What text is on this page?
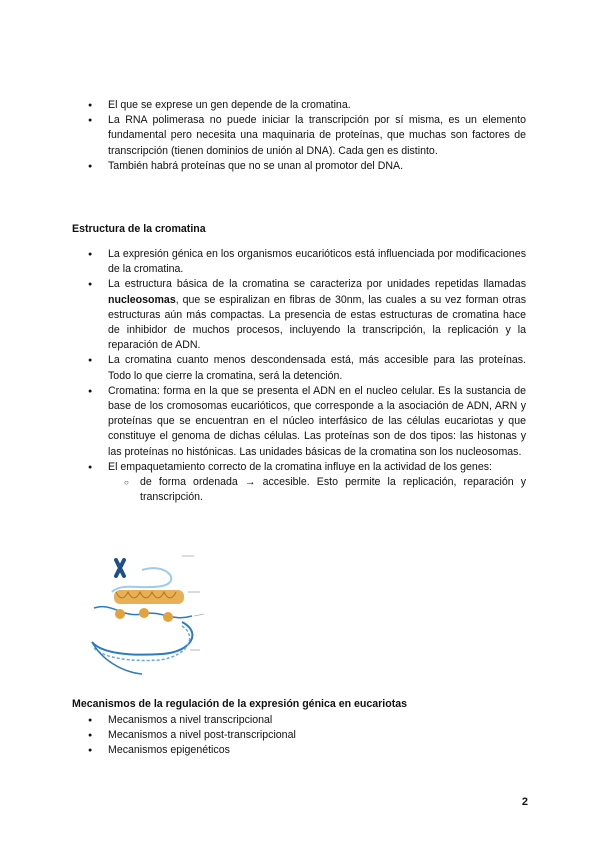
● El que se exprese un gen depende de la cromatina.
● La RNA polimerasa no puede iniciar la transcripción por sí misma, es un elemento fundamental pero necesita una maquinaria de proteínas, que muchas son factores de transcripción (tienen dominios de unión al DNA). Cada gen es distinto.
● También habrá proteínas que no se unan al promotor del DNA.
Estructura de la cromatina
● La expresión génica en los organismos eucarióticos está influenciada por modificaciones de la cromatina.
● La estructura básica de la cromatina se caracteriza por unidades repetidas llamadas nucleosomas, que se espiralizan en fibras de 30nm, las cuales a su vez forman otras estructuras aún más compactas. La presencia de estas estructuras de cromatina hace de inhibidor de muchos procesos, incluyendo la transcripción, la replicación y la reparación de ADN.
● La cromatina cuanto menos descondensada está, más accesible para las proteínas. Todo lo que cierre la cromatina, será la detención.
● Cromatina: forma en la que se presenta el ADN en el nucleo celular. Es la sustancia de base de los cromosomas eucarióticos, que corresponde a la asociación de ADN, ARN y proteínas que se encuentran en el núcleo interfásico de las células eucariotas y que constituye el genoma de dichas células. Las proteínas son de dos tipos: las histonas y las proteínas no histónicas. Las unidades básicas de la cromatina son los nucleosomas.
● El empaquetamiento correcto de la cromatina influye en la actividad de los genes:
○ de forma ordenada → accesible. Esto permite la replicación, reparación y transcripción.
Mecanismos de la regulación de la expresión génica en eucariotas
● Mecanismos a nivel transcripcional
● Mecanismos a nivel post-transcripcional
● Mecanismos epigenéticos
2
